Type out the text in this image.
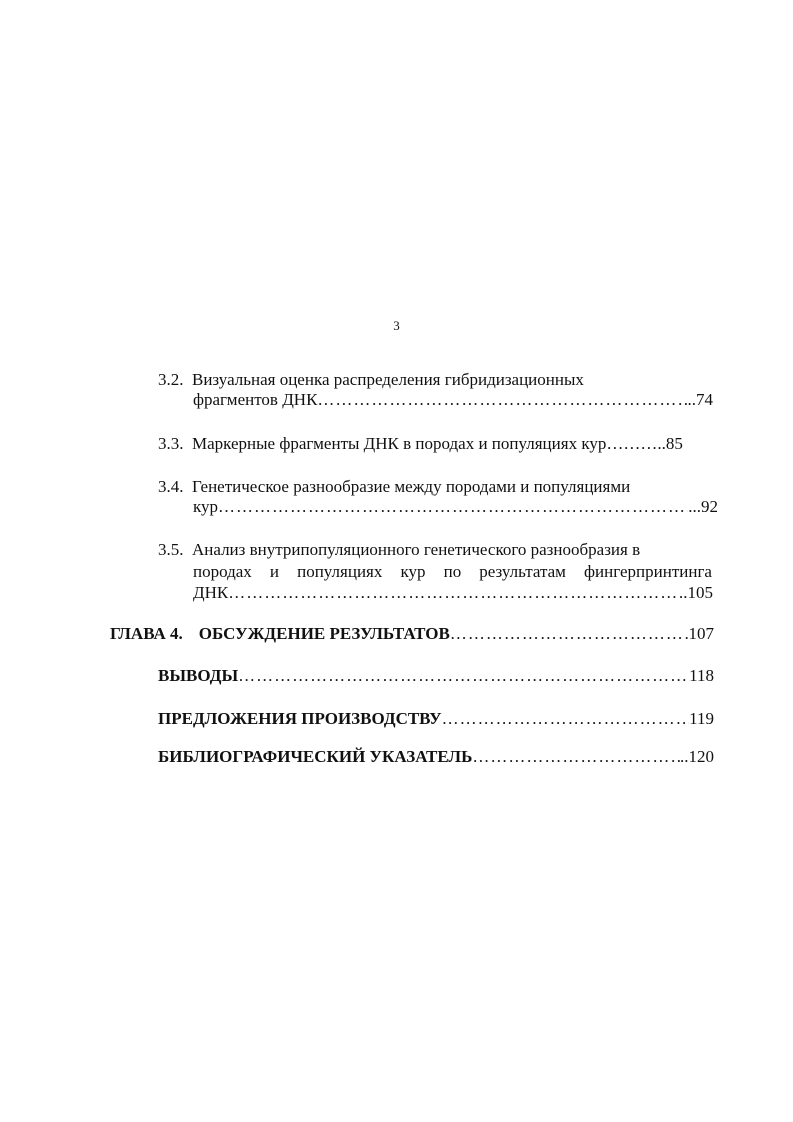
3
3.2. Визуальная оценка распределения гибридизационных
фрагментов ДНК ………………………………………………………………………………………………………………………………………………	..74
3.3. Маркерные фрагменты ДНК в породах и популяциях кур………..85
3.4. Генетическое разнообразие между породами и популяциями
кур ………………………………………………………………………………………………………………………………………………	...92
3.5. Анализ внутрипопуляционного генетического разнообразия в
породах и популяциях кур по результатам фингерпринтинга
ДНК ………………………………………………………………………………………………………………………………………………	.105
ГЛАВА 4. ОБСУЖДЕНИЕ РЕЗУЛЬТАТОВ ………………………………………………………………………………………………………………………………………………	107
ВЫВОДЫ ………………………………………………………………………………………………………………………………………………	118
ПРЕДЛОЖЕНИЯ ПРОИЗВОДСТВУ ………………………………………………………………………………………………………………………………………………	119
БИБЛИОГРАФИЧЕСКИЙ УКАЗАТЕЛЬ ………………………………………………………………………………………………………………………………………………	..120
